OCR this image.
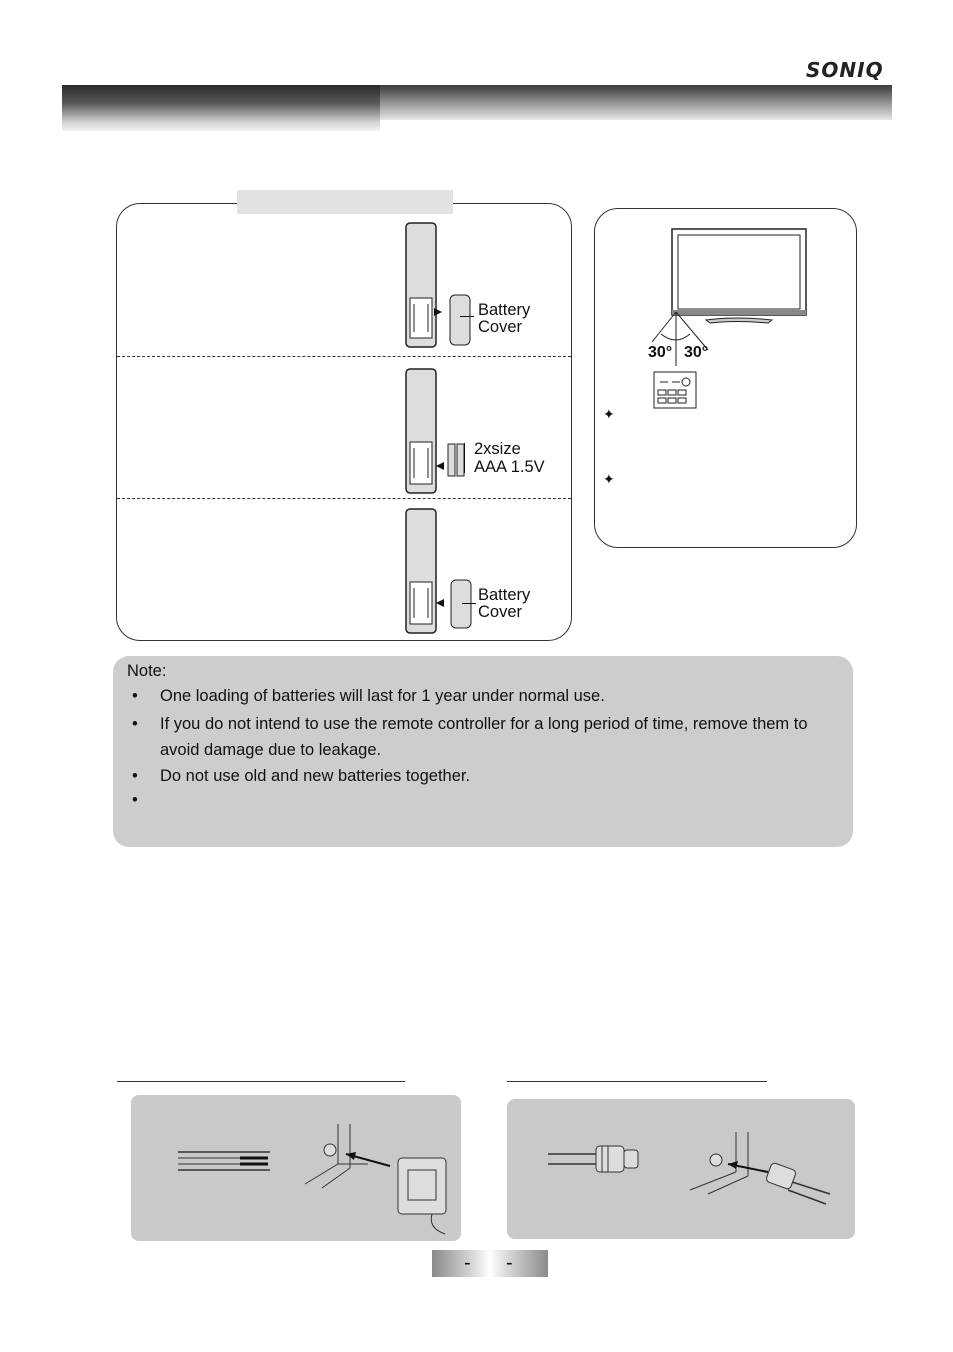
SONIQ
Battery
Cover
2xsize
AAA 1.5V
Battery
Cover
30° 30°
✦
✦
Note:
• One loading of batteries will last for 1 year under normal use.
• If you do not intend to use the remote controller for a long period of time, remove them to avoid damage due to leakage.
• Do not use old and new batteries together.
•
- -
